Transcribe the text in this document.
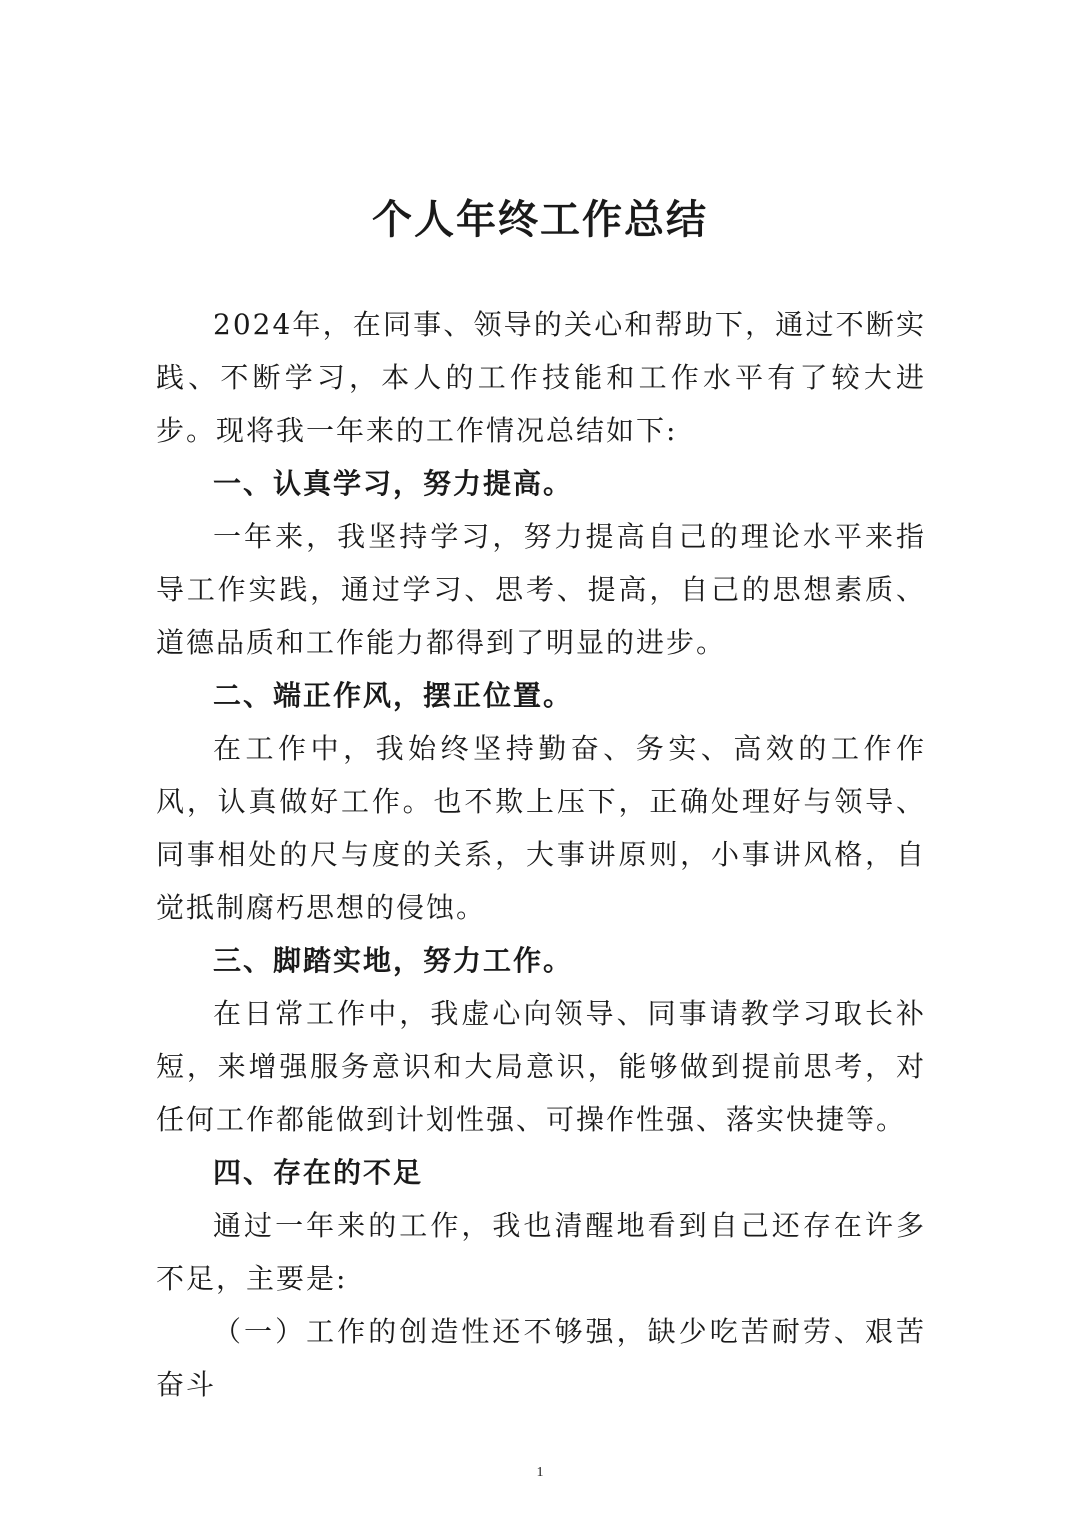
个人年终工作总结

2024年，在同事、领导的关心和帮助下，通过不断实践、不断学习，本人的工作技能和工作水平有了较大进步。现将我一年来的工作情况总结如下:

一、认真学习，努力提高。

一年来，我坚持学习，努力提高自己的理论水平来指导工作实践，通过学习、思考、提高，自己的思想素质、道德品质和工作能力都得到了明显的进步。

二、端正作风，摆正位置。

在工作中，我始终坚持勤奋、务实、高效的工作作风，认真做好工作。也不欺上压下，正确处理好与领导、同事相处的尺与度的关系，大事讲原则，小事讲风格，自觉抵制腐朽思想的侵蚀。

三、脚踏实地，努力工作。

在日常工作中，我虚心向领导、同事请教学习取长补短，来增强服务意识和大局意识，能够做到提前思考，对任何工作都能做到计划性强、可操作性强、落实快捷等。

四、存在的不足

通过一年来的工作，我也清醒地看到自己还存在许多不足，主要是:

（一）工作的创造性还不够强，缺少吃苦耐劳、艰苦奋斗

1
